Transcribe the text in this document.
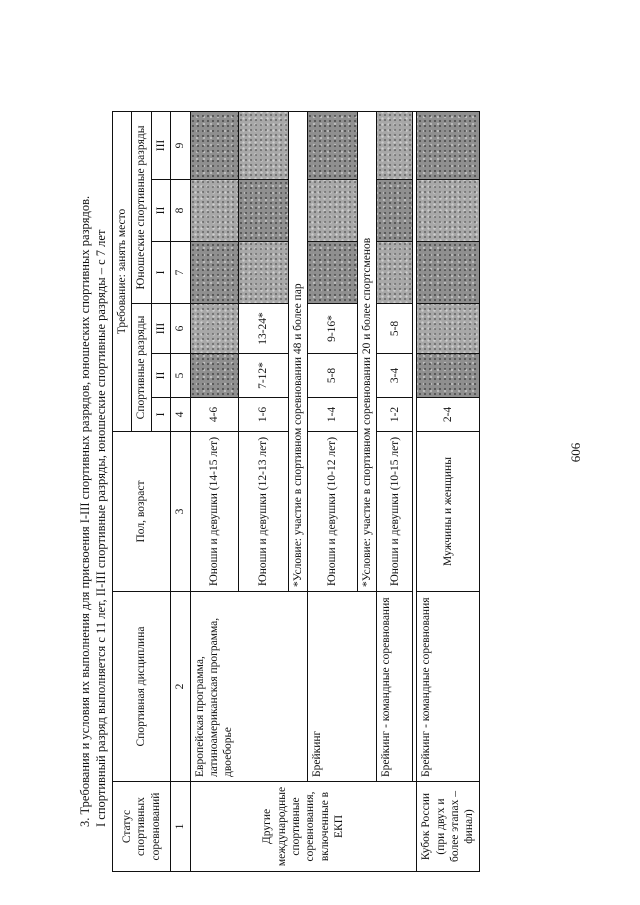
606
3. Требования и условия их выполнения для присвоения I-III спортивных разрядов, юношеских спортивных разрядов. I спортивный разряд выполняется с 11 лет, II-III спортивные разряды, юношеские спортивные разряды – с 7 лет Статус спортивных соревнований	Спортивная дисциплина	Пол, возраст	Требование: занять место					
			Спортивные разряды			Юношеские спортивные разряды		
			I	II	III	I	II	III
1	2	3	4	5	6	7	8	9
Другие международные спортивные соревнования, включенные в ЕКП	Европейская программа, латиноамериканская программа, двоеборье	Юноши и девушки (14-15 лет)	4-6					
		Юноши и девушки (12-13 лет)	1-6	7-12*	13-24*			
		*Условие: участие в спортивном соревновании 48 и более пар						
	Брейкинг	Юноши и девушки (10-12 лет)	1-4	5-8	9-16*			
		*Условие: участие в спортивном соревновании 20 и более спортсменов						
	Брейкинг - командные соревнования	Юноши и девушки (10-15 лет)	1-2	3-4	5-8			

Кубок России (при двух и более этапах – финал)	Брейкинг - командные соревнования	Мужчины и женщины	2-4					
